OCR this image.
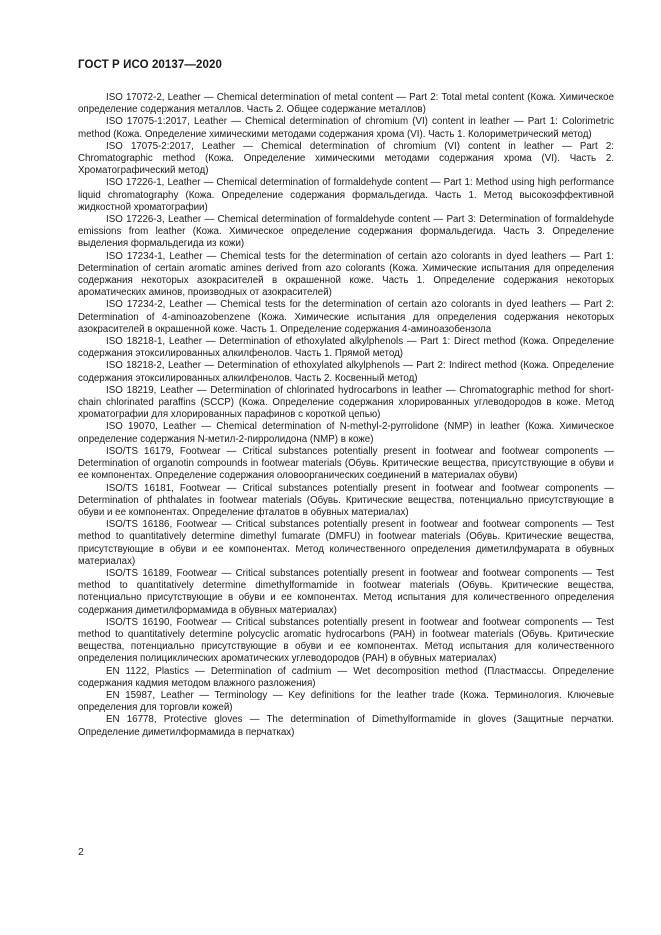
ГОСТ Р ИСО 20137—2020

ISO 17072-2, Leather — Chemical determination of metal content — Part 2: Total metal content (Кожа. Химическое определение содержания металлов. Часть 2. Общее содержание металлов)

ISO 17075-1:2017, Leather — Chemical determination of chromium (VI) content in leather — Part 1: Colorimetric method (Кожа. Определение химическими методами содержания хрома (VI). Часть 1. Колориметрический метод)

ISO 17075-2:2017, Leather — Chemical determination of chromium (VI) content in leather — Part 2: Chromatographic method (Кожа. Определение химическими методами содержания хрома (VI). Часть 2. Хроматографический метод)

ISO 17226-1, Leather — Chemical determination of formaldehyde content — Part 1: Method using high performance liquid chromatography (Кожа. Определение содержания формальдегида. Часть 1. Метод высокоэффективной жидкостной хроматографии)

ISO 17226-3, Leather — Chemical determination of formaldehyde content — Part 3: Determination of formaldehyde emissions from leather (Кожа. Химическое определение содержания формальдегида. Часть 3. Определение выделения формальдегида из кожи)

ISO 17234-1, Leather — Chemical tests for the determination of certain azo colorants in dyed leathers — Part 1: Determination of certain aromatic amines derived from azo colorants (Кожа. Химические испытания для определения содержания некоторых азокрасителей в окрашенной коже. Часть 1. Определение содержания некоторых ароматических аминов, производных от азокрасителей)

ISO 17234-2, Leather — Chemical tests for the determination of certain azo colorants in dyed leathers — Part 2: Determination of 4-aminoazobenzene (Кожа. Химические испытания для определения содержания некоторых азокрасителей в окрашенной коже. Часть 1. Определение содержания 4-аминоазобензола

ISO 18218-1, Leather — Determination of ethoxylated alkylphenols — Part 1: Direct method (Кожа. Определение содержания этоксилированных алкилфенолов. Часть 1. Прямой метод)

ISO 18218-2, Leather — Determination of ethoxylated alkylphenols — Part 2: Indirect method (Кожа. Определение содержания этоксилированных алкилфенолов. Часть 2. Косвенный метод)

ISO 18219, Leather — Determination of chlorinated hydrocarbons in leather — Chromatographic method for short-chain chlorinated paraffins (SCCP) (Кожа. Определение содержания хлорированных углеводородов в коже. Метод хроматографии для хлорированных парафинов с короткой цепью)

ISO 19070, Leather — Chemical determination of N-methyl-2-pyrrolidone (NMP) in leather (Кожа. Химическое определение содержания N-метил-2-пирролидона (NMP) в коже)

ISO/TS 16179, Footwear — Critical substances potentially present in footwear and footwear components — Determination of organotin compounds in footwear materials (Обувь. Критические вещества, присутствующие в обуви и ее компонентах. Определение содержания оловоорганических соединений в материалах обуви)

ISO/TS 16181, Footwear — Critical substances potentially present in footwear and footwear components — Determination of phthalates in footwear materials (Обувь. Критические вещества, потенциально присутствующие в обуви и ее компонентах. Определение фталатов в обувных материалах)

ISO/TS 16186, Footwear — Critical substances potentially present in footwear and footwear components — Test method to quantitatively determine dimethyl fumarate (DMFU) in footwear materials (Обувь. Критические вещества, присутствующие в обуви и ее компонентах. Метод количественного определения диметилфумарата в обувных материалах)

ISO/TS 16189, Footwear — Critical substances potentially present in footwear and footwear components — Test method to quantitatively determine dimethylformamide in footwear materials (Обувь. Критические вещества, потенциально присутствующие в обуви и ее компонентах. Метод испытания для количественного определения содержания диметилформамида в обувных материалах)

ISO/TS 16190, Footwear — Critical substances potentially present in footwear and footwear components — Test method to quantitatively determine polycyclic aromatic hydrocarbons (PAH) in footwear materials (Обувь. Критические вещества, потенциально присутствующие в обуви и ее компонентах. Метод испытания для количественного определения полициклических ароматических углеводородов (PAH) в обувных материалах)

EN 1122, Plastics — Determination of cadmium — Wet decomposition method (Пластмассы. Определение содержания кадмия методом влажного разложения)

EN 15987, Leather — Terminology — Key definitions for the leather trade (Кожа. Терминология. Ключевые определения для торговли кожей)

EN 16778, Protective gloves — The determination of Dimethylformamide in gloves (Защитные перчатки. Определение диметилформамида в перчатках)

2
